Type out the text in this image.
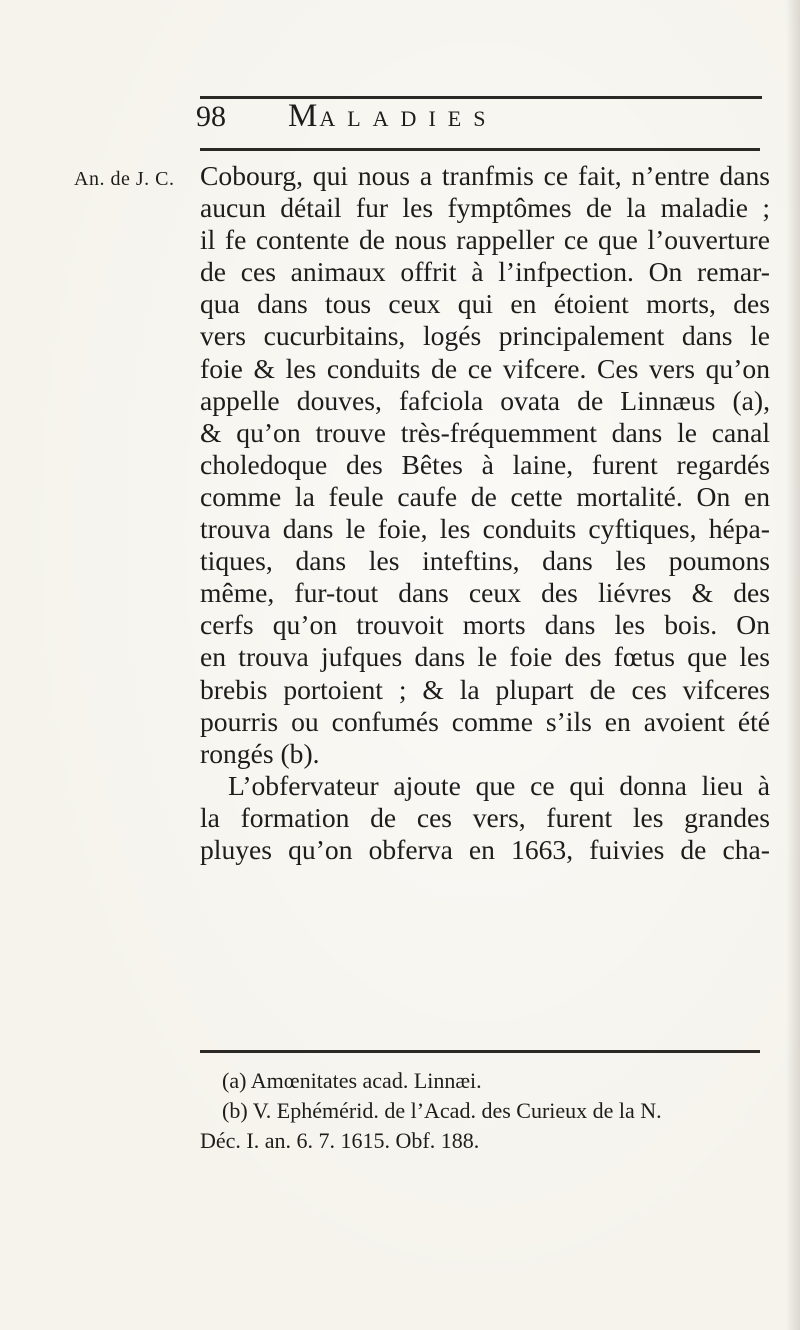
98 MALADIES
An. de J. C. Cobourg, qui nous a tranfmis ce fait, n’entre dans

aucun détail fur les fymptômes de la maladie ;

il fe contente de nous rappeller ce que l’ouverture

de ces animaux offrit à l’infpection. On remar-

qua dans tous ceux qui en étoient morts, des

vers cucurbitains, logés principalement dans le

foie & les conduits de ce vifcere. Ces vers qu’on

appelle douves, fafciola ovata de Linnæus (a),

& qu’on trouve très-fréquemment dans le canal

choledoque des Bêtes à laine, furent regardés

comme la feule caufe de cette mortalité. On en

trouva dans le foie, les conduits cyftiques, hépa-

tiques, dans les inteftins, dans les poumons

même, fur-tout dans ceux des liévres & des

cerfs qu’on trouvoit morts dans les bois. On

en trouva jufques dans le foie des fœtus que les

brebis portoient ; & la plupart de ces vifceres

pourris ou confumés comme s’ils en avoient été

rongés (b).

L’obfervateur ajoute que ce qui donna lieu à

la formation de ces vers, furent les grandes

pluyes qu’on obferva en 1663, fuivies de cha-

(a) Amœnitates acad. Linnæi.

(b) V. Ephémérid. de l’Acad. des Curieux de la N.

Déc. I. an. 6. 7. 1615. Obf. 188.
